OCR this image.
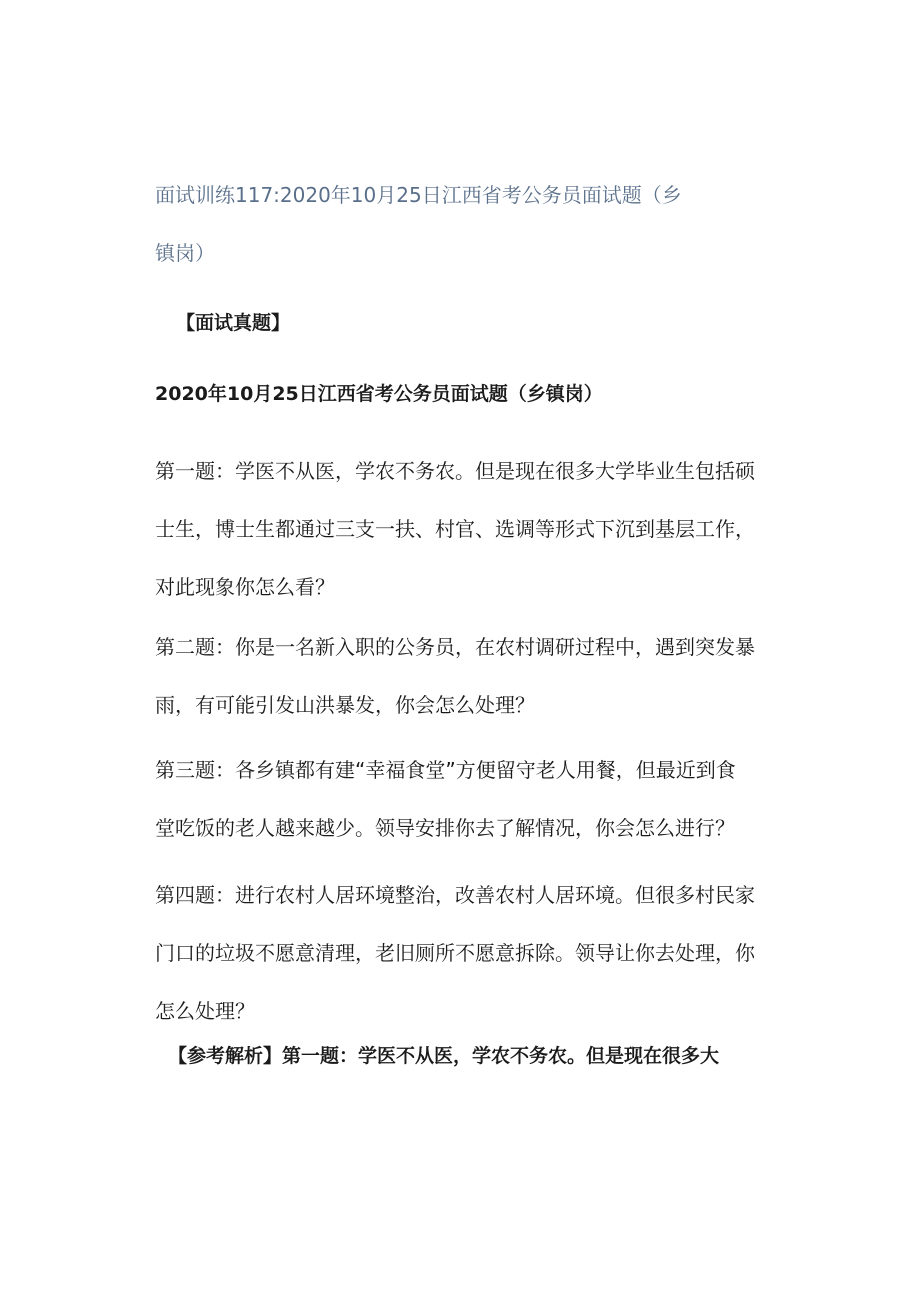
面试训练117:2020年10月25日江西省考公务员面试题（乡
镇岗）
【面试真题】
2020年10月25日江西省考公务员面试题（乡镇岗）

第一题：学医不从医，学农不务农。但是现在很多大学毕业生包括硕
士生，博士生都通过三支一扶、村官、选调等形式下沉到基层工作，
对此现象你怎么看？

第二题：你是一名新入职的公务员，在农村调研过程中，遇到突发暴
雨，有可能引发山洪暴发，你会怎么处理？

第三题：各乡镇都有建“幸福食堂”方便留守老人用餐，但最近到食
堂吃饭的老人越来越少。领导安排你去了解情况，你会怎么进行？

第四题：进行农村人居环境整治，改善农村人居环境。但很多村民家
门口的垃圾不愿意清理，老旧厕所不愿意拆除。领导让你去处理，你
怎么处理？

【参考解析】第一题：学医不从医，学农不务农。但是现在很多大
